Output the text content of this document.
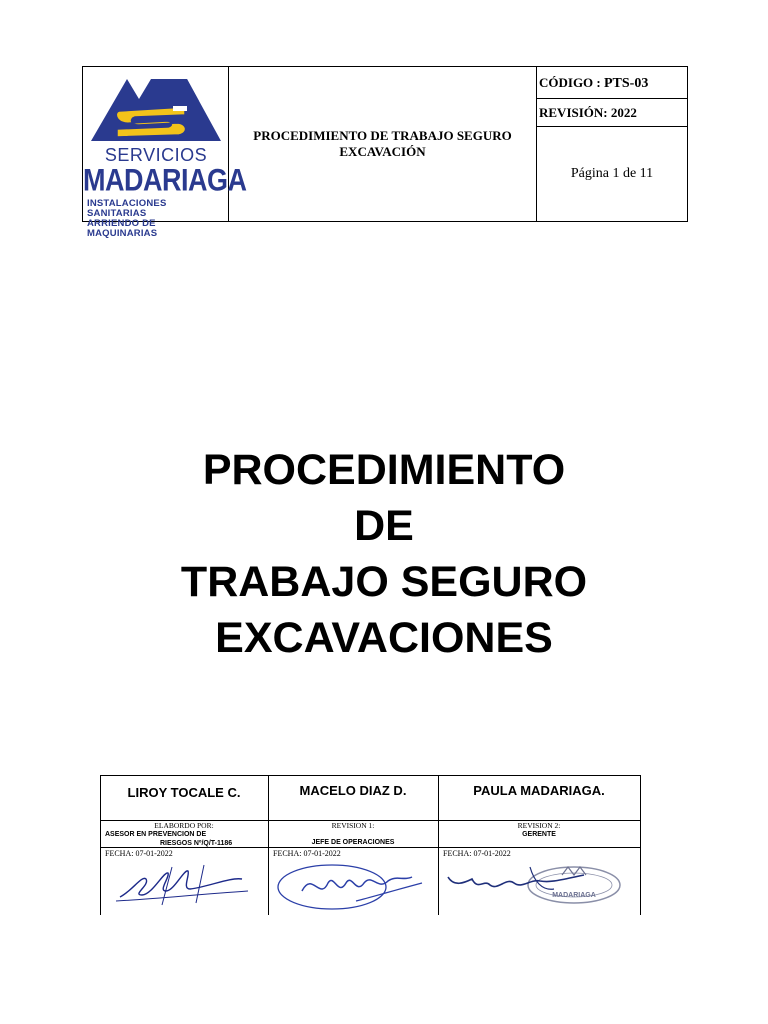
SERVICIOS
MADARIAGA
INSTALACIONES SANITARIAS
ARRIENDO DE MAQUINARIAS
PROCEDIMIENTO DE TRABAJO SEGURO
EXCAVACIÓN
CÓDIGO : PTS-03
REVISIÓN: 2022
Página 1 de 11
PROCEDIMIENTO
DE
TRABAJO SEGURO
EXCAVACIONES
LIROY TOCALE C.
ELABORDO POR:
ASESOR EN PREVENCION DE
RIESGOS Nº/Q/T-1186
FECHA: 07-01-2022
MACELO DIAZ D.
REVISION 1:
JEFE DE OPERACIONES
FECHA: 07-01-2022
PAULA MADARIAGA.
REVISION 2:
GERENTE
FECHA: 07-01-2022
MADARIAGA
